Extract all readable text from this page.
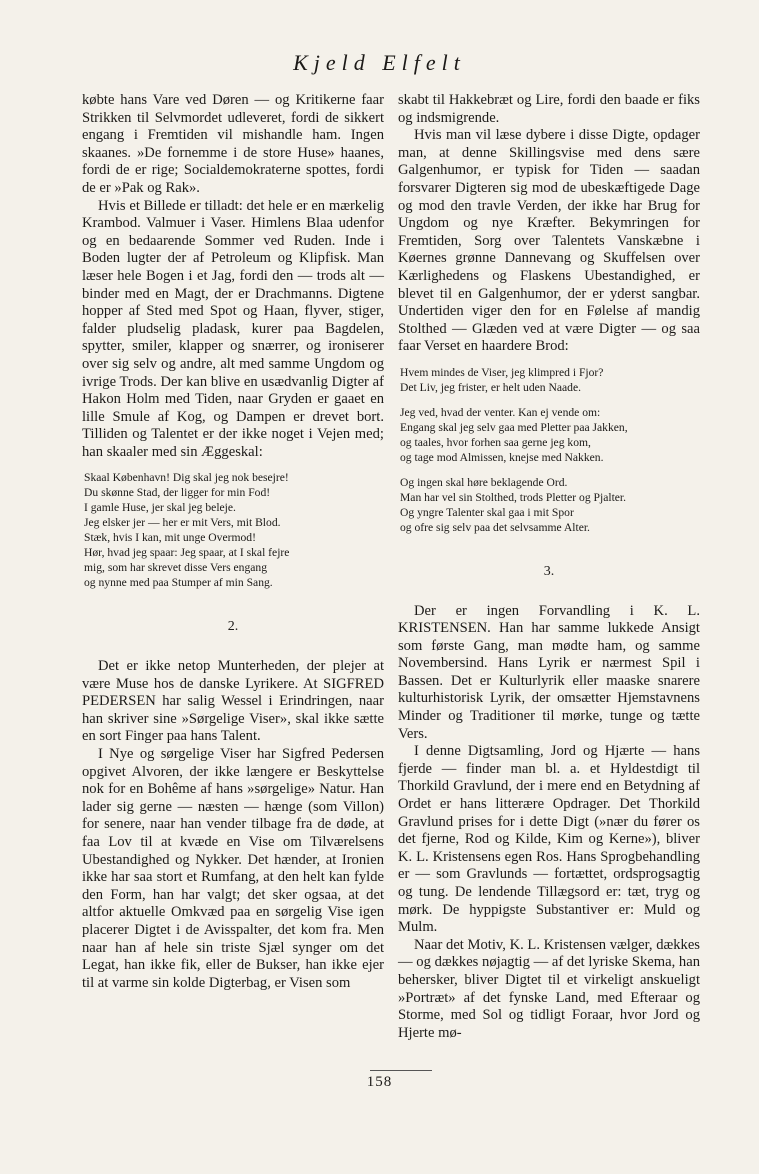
Kjeld Elfelt

købte hans Vare ved Døren — og Kritikerne faar Strikken til Selvmordet udleveret, fordi de sikkert engang i Fremtiden vil mishandle ham. Ingen skaanes. »De fornemme i de store Huse» haanes, fordi de er rige; Socialdemokraterne spottes, fordi de er »Pak og Rak».

Hvis et Billede er tilladt: det hele er en mærkelig Krambod. Valmuer i Vaser. Himlens Blaa udenfor og en bedaarende Sommer ved Ruden. Inde i Boden lugter der af Petroleum og Klipfisk. Man læser hele Bogen i et Jag, fordi den — trods alt — binder med en Magt, der er Drachmanns. Digtene hopper af Sted med Spot og Haan, flyver, stiger, falder pludselig pladask, kurer paa Bagdelen, spytter, smiler, klapper og snærrer, og ironiserer over sig selv og andre, alt med samme Ungdom og ivrige Trods. Der kan blive en usædvanlig Digter af Hakon Holm med Tiden, naar Gryden er gaaet en lille Smule af Kog, og Dampen er drevet bort. Tilliden og Talentet er der ikke noget i Vejen med; han skaaler med sin Æggeskal:

Skaal København! Dig skal jeg nok besejre!
Du skønne Stad, der ligger for min Fod!
I gamle Huse, jer skal jeg beleje.
Jeg elsker jer — her er mit Vers, mit Blod.
Stæk, hvis I kan, mit unge Overmod!
Hør, hvad jeg spaar: Jeg spaar, at I skal fejre
mig, som har skrevet disse Vers engang
og nynne med paa Stumper af min Sang.
2.

Det er ikke netop Munterheden, der plejer at være Muse hos de danske Lyrikere. At SIGFRED PEDERSEN har salig Wessel i Erindringen, naar han skriver sine »Sørgelige Viser», skal ikke sætte en sort Finger paa hans Talent.

I Nye og sørgelige Viser har Sigfred Pedersen opgivet Alvoren, der ikke længere er Beskyttelse nok for en Bohême af hans »sørgelige» Natur. Han lader sig gerne — næsten — hænge (som Villon) for senere, naar han vender tilbage fra de døde, at faa Lov til at kvæde en Vise om Tilværelsens Ubestandighed og Nykker. Det hænder, at Ironien ikke har saa stort et Rumfang, at den helt kan fylde den Form, han har valgt; det sker ogsaa, at det altfor aktuelle Omkvæd paa en sørgelig Vise igen placerer Digtet i de Avisspalter, det kom fra. Men naar han af hele sin triste Sjæl synger om det Legat, han ikke fik, eller de Bukser, han ikke ejer til at varme sin kolde Digterbag, er Visen som

skabt til Hakkebræt og Lire, fordi den baade er fiks og indsmigrende.

Hvis man vil læse dybere i disse Digte, opdager man, at denne Skillingsvise med dens sære Galgenhumor, er typisk for Tiden — saadan forsvarer Digteren sig mod de ubeskæftigede Dage og mod den travle Verden, der ikke har Brug for Ungdom og nye Kræfter. Bekymringen for Fremtiden, Sorg over Talentets Vanskæbne i Køernes grønne Dannevang og Skuffelsen over Kærlighedens og Flaskens Ubestandighed, er blevet til en Galgenhumor, der er yderst sangbar. Undertiden viger den for en Følelse af mandig Stolthed — Glæden ved at være Digter — og saa faar Verset en haardere Brod:

Hvem mindes de Viser, jeg klimpred i Fjor?
Det Liv, jeg frister, er helt uden Naade.
Jeg ved, hvad der venter. Kan ej vende om:
Engang skal jeg selv gaa med Pletter paa Jakken,
og taales, hvor forhen saa gerne jeg kom,
og tage mod Almissen, knejse med Nakken.
Og ingen skal høre beklagende Ord.
Man har vel sin Stolthed, trods Pletter og Pjalter.
Og yngre Talenter skal gaa i mit Spor
og ofre sig selv paa det selvsamme Alter.
3.

Der er ingen Forvandling i K. L. KRISTENSEN. Han har samme lukkede Ansigt som første Gang, man mødte ham, og samme Novembersind. Hans Lyrik er nærmest Spil i Bassen. Det er Kulturlyrik eller maaske snarere kulturhistorisk Lyrik, der omsætter Hjemstavnens Minder og Traditioner til mørke, tunge og tætte Vers.

I denne Digtsamling, Jord og Hjærte — hans fjerde — finder man bl. a. et Hyldestdigt til Thorkild Gravlund, der i mere end en Betydning af Ordet er hans litterære Opdrager. Det Thorkild Gravlund prises for i dette Digt (»nær du fører os det fjerne, Rod og Kilde, Kim og Kerne»), bliver K. L. Kristensens egen Ros. Hans Sprogbehandling er — som Gravlunds — fortættet, ordsprogsagtig og tung. De lendende Tillægsord er: tæt, tryg og mørk. De hyppigste Substantiver er: Muld og Mulm.

Naar det Motiv, K. L. Kristensen vælger, dækkes — og dækkes nøjagtig — af det lyriske Skema, han behersker, bliver Digtet til et virkeligt anskueligt »Portræt» af det fynske Land, med Efteraar og Storme, med Sol og tidligt Foraar, hvor Jord og Hjerte mø-

158
